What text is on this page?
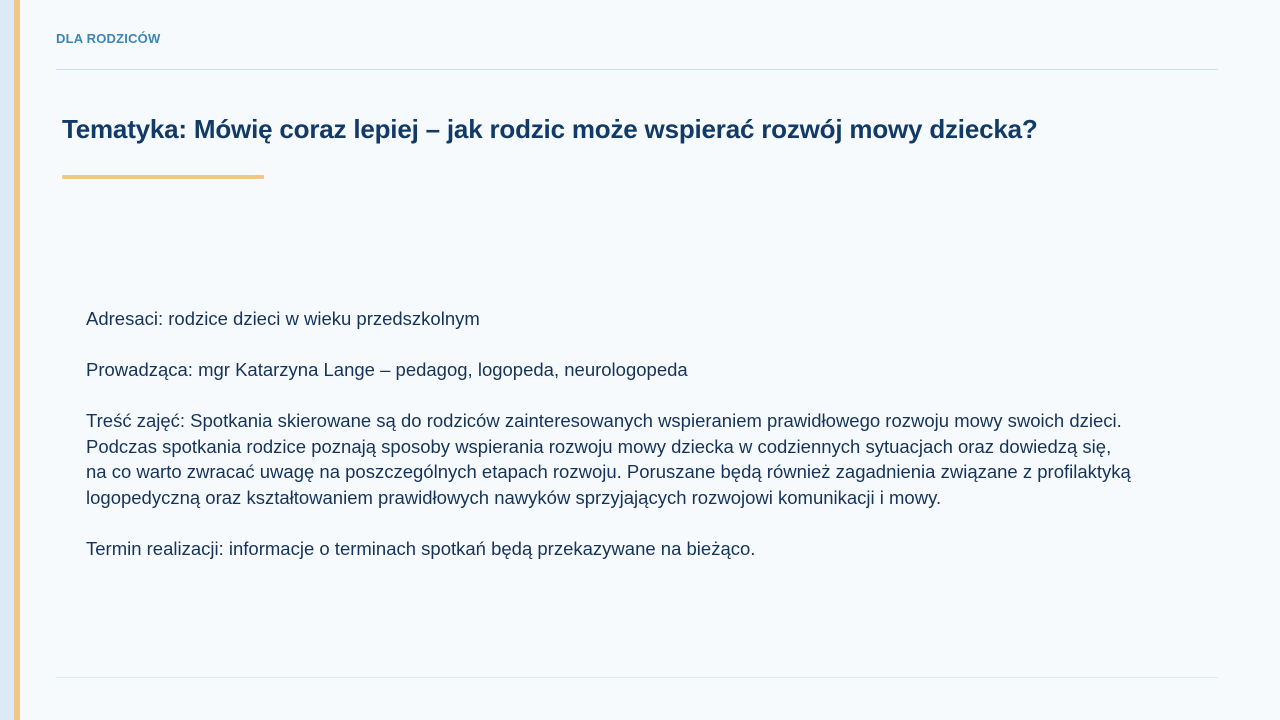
DLA RODZICÓW
Tematyka: Mówię coraz lepiej – jak rodzic może wspierać rozwój mowy dziecka?

Adresaci: rodzice dzieci w wieku przedszkolnym

Prowadząca: mgr Katarzyna Lange – pedagog, logopeda, neurologopeda

Treść zajęć: Spotkania skierowane są do rodziców zainteresowanych wspieraniem prawidłowego rozwoju mowy swoich dzieci.
Podczas spotkania rodzice poznają sposoby wspierania rozwoju mowy dziecka w codziennych sytuacjach oraz dowiedzą się,
na co warto zwracać uwagę na poszczególnych etapach rozwoju. Poruszane będą również zagadnienia związane z profilaktyką
logopedyczną oraz kształtowaniem prawidłowych nawyków sprzyjających rozwojowi komunikacji i mowy.

Termin realizacji: informacje o terminach spotkań będą przekazywane na bieżąco.
